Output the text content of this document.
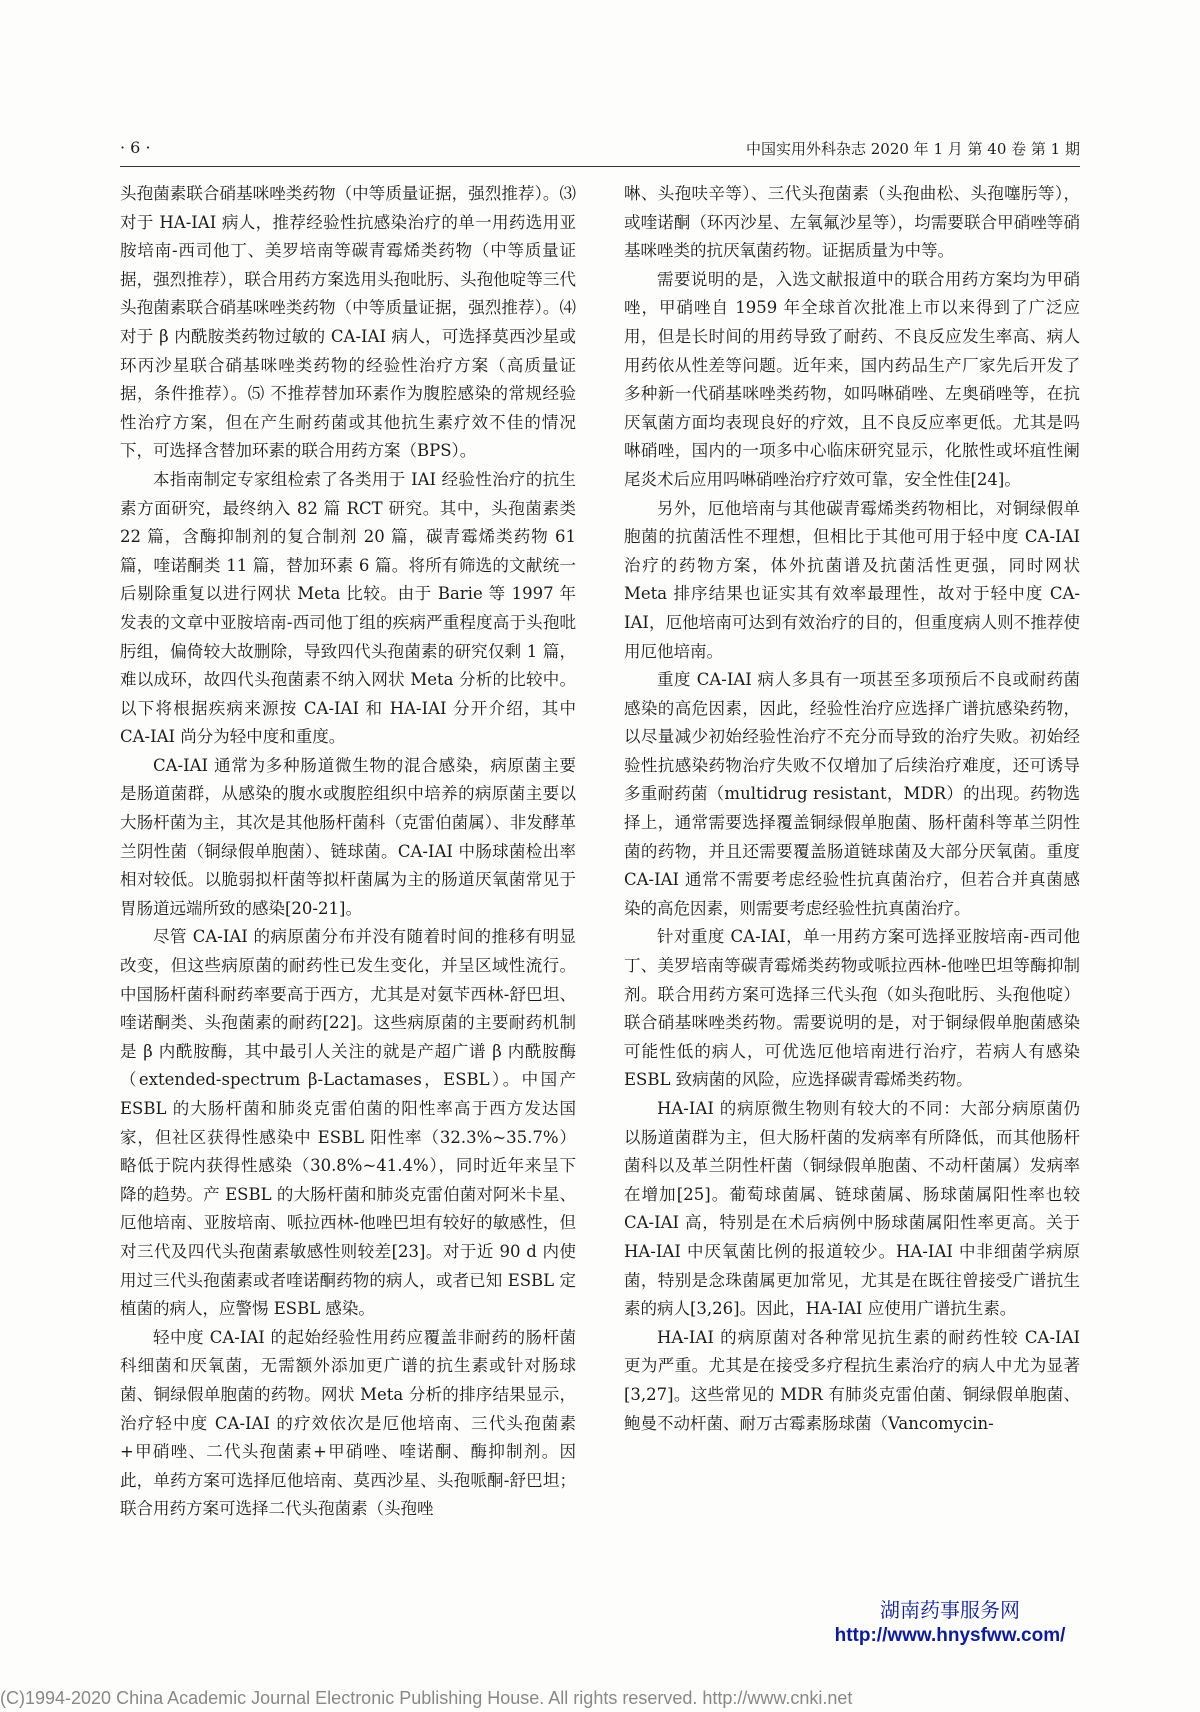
· 6 ·	中国实用外科杂志 2020 年 1 月 第 40 卷 第 1 期

头孢菌素联合硝基咪唑类药物（中等质量证据，强烈推荐）。⑶ 对于 HA-IAI 病人，推荐经验性抗感染治疗的单一用药选用亚胺培南-西司他丁、美罗培南等碳青霉烯类药物（中等质量证据，强烈推荐），联合用药方案选用头孢吡肟、头孢他啶等三代头孢菌素联合硝基咪唑类药物（中等质量证据，强烈推荐）。⑷ 对于 β 内酰胺类药物过敏的 CA-IAI 病人，可选择莫西沙星或环丙沙星联合硝基咪唑类药物的经验性治疗方案（高质量证据，条件推荐）。⑸ 不推荐替加环素作为腹腔感染的常规经验性治疗方案，但在产生耐药菌或其他抗生素疗效不佳的情况下，可选择含替加环素的联合用药方案（BPS）。

本指南制定专家组检索了各类用于 IAI 经验性治疗的抗生素方面研究，最终纳入 82 篇 RCT 研究。其中，头孢菌素类 22 篇，含酶抑制剂的复合制剂 20 篇，碳青霉烯类药物 61 篇，喹诺酮类 11 篇，替加环素 6 篇。将所有筛选的文献统一后剔除重复以进行网状 Meta 比较。由于 Barie 等 1997 年发表的文章中亚胺培南-西司他丁组的疾病严重程度高于头孢吡肟组，偏倚较大故删除，导致四代头孢菌素的研究仅剩 1 篇，难以成环，故四代头孢菌素不纳入网状 Meta 分析的比较中。以下将根据疾病来源按 CA-IAI 和 HA-IAI 分开介绍，其中 CA-IAI 尚分为轻中度和重度。

CA-IAI 通常为多种肠道微生物的混合感染，病原菌主要是肠道菌群，从感染的腹水或腹腔组织中培养的病原菌主要以大肠杆菌为主，其次是其他肠杆菌科（克雷伯菌属）、非发酵革兰阴性菌（铜绿假单胞菌）、链球菌。CA-IAI 中肠球菌检出率相对较低。以脆弱拟杆菌等拟杆菌属为主的肠道厌氧菌常见于胃肠道远端所致的感染[20-21]。

尽管 CA-IAI 的病原菌分布并没有随着时间的推移有明显改变，但这些病原菌的耐药性已发生变化，并呈区域性流行。中国肠杆菌科耐药率要高于西方，尤其是对氨苄西林-舒巴坦、喹诺酮类、头孢菌素的耐药[22]。这些病原菌的主要耐药机制是 β 内酰胺酶，其中最引人关注的就是产超广谱 β 内酰胺酶（extended-spectrum β-Lactamases，ESBL）。中国产 ESBL 的大肠杆菌和肺炎克雷伯菌的阳性率高于西方发达国家，但社区获得性感染中 ESBL 阳性率（32.3%~35.7%）略低于院内获得性感染（30.8%~41.4%），同时近年来呈下降的趋势。产 ESBL 的大肠杆菌和肺炎克雷伯菌对阿米卡星、厄他培南、亚胺培南、哌拉西林-他唑巴坦有较好的敏感性，但对三代及四代头孢菌素敏感性则较差[23]。对于近 90 d 内使用过三代头孢菌素或者喹诺酮药物的病人，或者已知 ESBL 定植菌的病人，应警惕 ESBL 感染。

轻中度 CA-IAI 的起始经验性用药应覆盖非耐药的肠杆菌科细菌和厌氧菌，无需额外添加更广谱的抗生素或针对肠球菌、铜绿假单胞菌的药物。网状 Meta 分析的排序结果显示，治疗轻中度 CA-IAI 的疗效依次是厄他培南、三代头孢菌素+甲硝唑、二代头孢菌素+甲硝唑、喹诺酮、酶抑制剂。因此，单药方案可选择厄他培南、莫西沙星、头孢哌酮-舒巴坦；联合用药方案可选择二代头孢菌素（头孢唑

啉、头孢呋辛等）、三代头孢菌素（头孢曲松、头孢噻肟等），或喹诺酮（环丙沙星、左氧氟沙星等），均需要联合甲硝唑等硝基咪唑类的抗厌氧菌药物。证据质量为中等。

需要说明的是，入选文献报道中的联合用药方案均为甲硝唑，甲硝唑自 1959 年全球首次批准上市以来得到了广泛应用，但是长时间的用药导致了耐药、不良反应发生率高、病人用药依从性差等问题。近年来，国内药品生产厂家先后开发了多种新一代硝基咪唑类药物，如吗啉硝唑、左奥硝唑等，在抗厌氧菌方面均表现良好的疗效，且不良反应率更低。尤其是吗啉硝唑，国内的一项多中心临床研究显示，化脓性或坏疽性阑尾炎术后应用吗啉硝唑治疗疗效可靠，安全性佳[24]。

另外，厄他培南与其他碳青霉烯类药物相比，对铜绿假单胞菌的抗菌活性不理想，但相比于其他可用于轻中度 CA-IAI 治疗的药物方案，体外抗菌谱及抗菌活性更强，同时网状 Meta 排序结果也证实其有效率最理性，故对于轻中度 CA-IAI，厄他培南可达到有效治疗的目的，但重度病人则不推荐使用厄他培南。

重度 CA-IAI 病人多具有一项甚至多项预后不良或耐药菌感染的高危因素，因此，经验性治疗应选择广谱抗感染药物，以尽量减少初始经验性治疗不充分而导致的治疗失败。初始经验性抗感染药物治疗失败不仅增加了后续治疗难度，还可诱导多重耐药菌（multidrug resistant，MDR）的出现。药物选择上，通常需要选择覆盖铜绿假单胞菌、肠杆菌科等革兰阴性菌的药物，并且还需要覆盖肠道链球菌及大部分厌氧菌。重度 CA-IAI 通常不需要考虑经验性抗真菌治疗，但若合并真菌感染的高危因素，则需要考虑经验性抗真菌治疗。

针对重度 CA-IAI，单一用药方案可选择亚胺培南-西司他丁、美罗培南等碳青霉烯类药物或哌拉西林-他唑巴坦等酶抑制剂。联合用药方案可选择三代头孢（如头孢吡肟、头孢他啶）联合硝基咪唑类药物。需要说明的是，对于铜绿假单胞菌感染可能性低的病人，可优选厄他培南进行治疗，若病人有感染 ESBL 致病菌的风险，应选择碳青霉烯类药物。

HA-IAI 的病原微生物则有较大的不同：大部分病原菌仍以肠道菌群为主，但大肠杆菌的发病率有所降低，而其他肠杆菌科以及革兰阴性杆菌（铜绿假单胞菌、不动杆菌属）发病率在增加[25]。葡萄球菌属、链球菌属、肠球菌属阳性率也较 CA-IAI 高，特别是在术后病例中肠球菌属阳性率更高。关于 HA-IAI 中厌氧菌比例的报道较少。HA-IAI 中非细菌学病原菌，特别是念珠菌属更加常见，尤其是在既往曾接受广谱抗生素的病人[3,26]。因此，HA-IAI 应使用广谱抗生素。

HA-IAI 的病原菌对各种常见抗生素的耐药性较 CA-IAI 更为严重。尤其是在接受多疗程抗生素治疗的病人中尤为显著[3,27]。这些常见的 MDR 有肺炎克雷伯菌、铜绿假单胞菌、鲍曼不动杆菌、耐万古霉素肠球菌（Vancomycin-

湖南药事服务网
http://www.hnysfww.com/
(C)1994-2020 China Academic Journal Electronic Publishing House. All rights reserved. http://www.cnki.net
